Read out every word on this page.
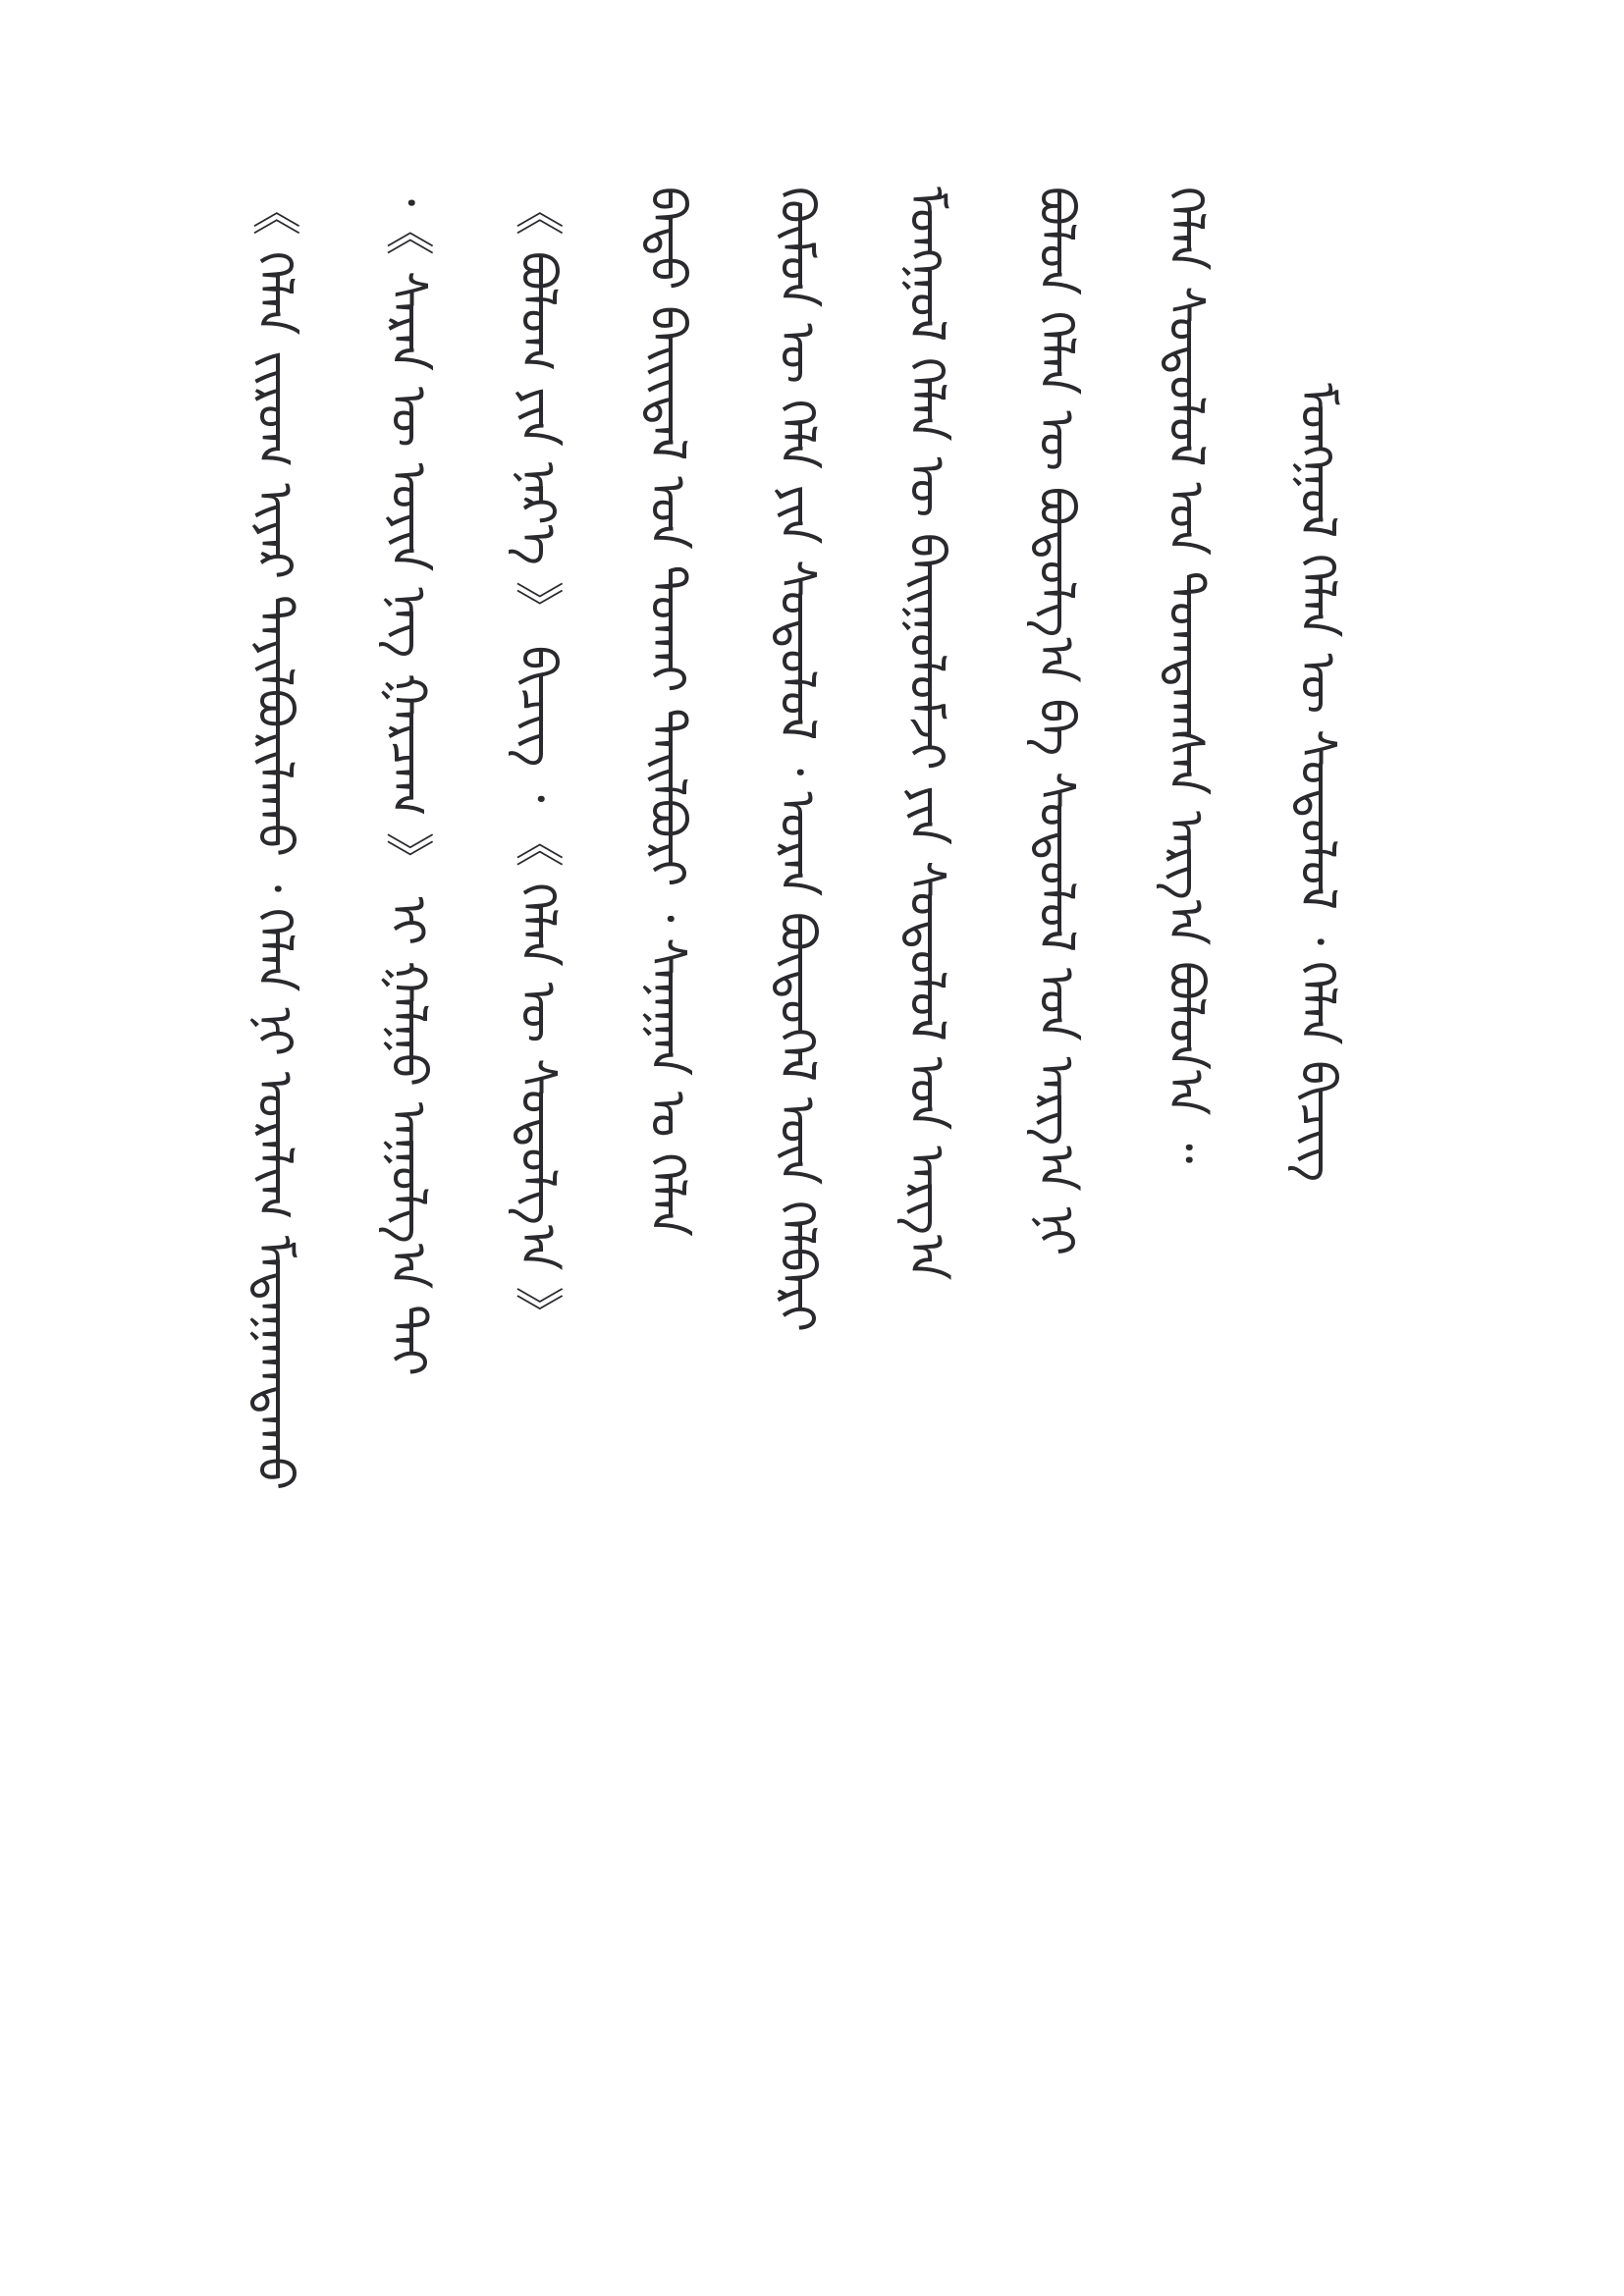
《 ᠬᠡᠯᠡᠨ ᠵᠢᠷᠤᠭ ᠢᠶᠡᠷ ᠲᠠᠶᠢᠯᠪᠤᠷᠢᠯᠠᠬᠤ ᠂ ᠬᠡᠯᠡᠨ ᠨᠢ ᠤᠷᠠᠯᠢᠭ ᠮᠠᠲᠠᠭᠠᠭᠳᠠᠬᠤ ᠂《 ᠰᠠᠷᠠᠨ ᠦ ᠤᠶᠢᠨ ᠨᠡᠭ ᠭᠠᠷᠴᠠᠭ 》 ᠢ ᠭᠠᠯᠭᠤ ᠠᠭᠤᠯᠭ᠎ᠠ ᠲᠠᠢ 《 ᠪᠤᠯᠤᠭ ᠶᠢᠨ ᠨᠡᠷ᠎ᠡ 》 ᠪᠢᠴᠢᠭ ᠂ 《 ᠬᠡᠯᠡᠨ ᠦ ᠰᠤᠳᠤᠯᠭ᠎ᠠ 》 ᠪᠠᠲᠤ ᠪᠠᠢᠢᠳᠠᠯ ᠤᠨ ᠲᠤᠬᠠᠢ ᠲᠠᠢᠯᠪᠤᠷᠢ ᠂ ᠰᠠᠨᠠᠭᠠᠨ ᠤ ᠬᠡᠯᠡᠨ ᠬᠦᠮᠦᠨ ᠦ ᠬᠡᠯᠡ ᠶᠢᠨ ᠰᠤᠳᠤᠯᠤᠯ ᠂ ᠤᠷᠠᠨ ᠪᠦᠲᠦᠭᠡᠯ ᠦᠨ ᠬᠡᠯᠪᠡᠷᠢ ᠮᠣᠩᠭᠣᠯ ᠬᠡᠯᠡᠨ ᠦ ᠪᠠᠢᠭᠤᠯᠤᠮᠵᠢ ᠶᠢᠨ ᠰᠤᠳᠤᠯᠤᠯ ᠤᠨ ᠠᠷᠭ᠎ᠠ ᠪᠣᠯᠤᠨ ᠬᠡᠯᠡᠨ ᠦ ᠪᠣᠳᠤᠯᠭ᠎ᠠ ᠪᠠ ᠰᠤᠳᠤᠯᠤᠯ ᠤᠨ ᠠᠷᠭ᠎ᠠ ᠨᠢ ᠬᠡᠯᠡᠨ ᠰᠤᠳᠤᠯᠤᠯ ᠤᠨ ᠲᠣᠭᠲᠠᠭᠰᠠᠨ ᠠᠷᠭ᠎ᠠ ᠪᠣᠯᠤᠨ᠎ᠠ ᠃ ᠮᠣᠩᠭᠣᠯ ᠬᠡᠯᠡᠨ ᠦ ᠰᠤᠳᠤᠯᠤᠯ ᠂ ᠬᠡᠯᠡᠨ ᠪᠢᠴᠢᠭ
